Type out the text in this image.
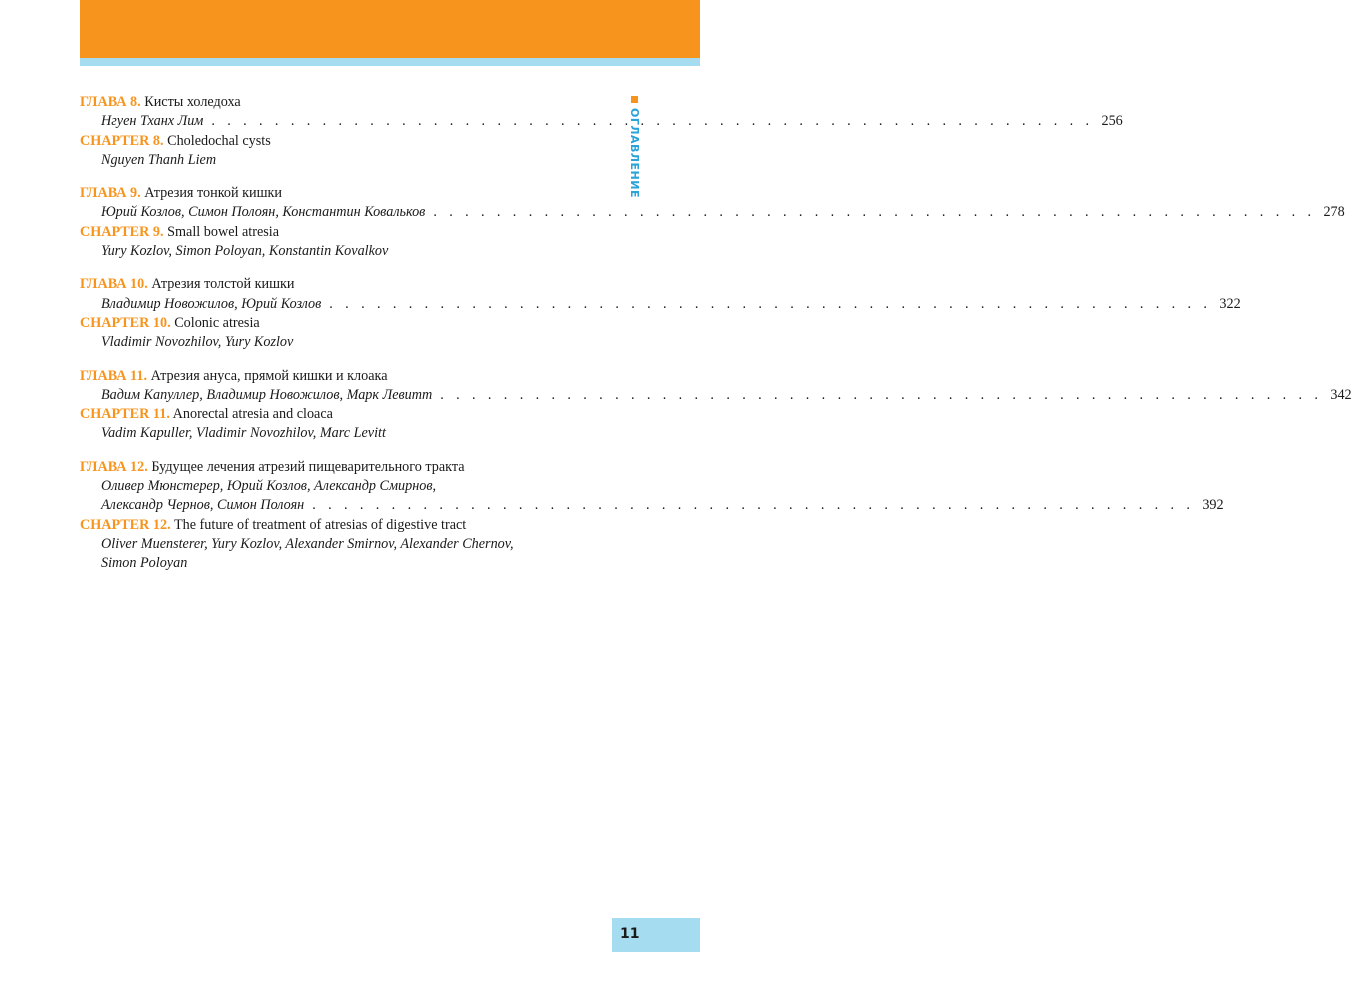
ОГЛАВЛЕНИЕ
ГЛАВА 8. Кисты холедоха
Нгуен Тханх Лим . . . . . . . . . . . . . . . . . . . . . . . . . . . . . . . . . . . . . . . . . . . . . . . . . . . . . . . . 256
CHAPTER 8. Choledochal cysts
Nguyen Thanh Liem
ГЛАВА 9. Атрезия тонкой кишки
Юрий Козлов, Симон Полоян, Константин Ковальков . . . . . . . . . . . . . . . . . . . . . . . . . . . . . . . . . . . . . . . . . . . . . . . . . . . . . . . . 278
CHAPTER 9. Small bowel atresia
Yury Kozlov, Simon Poloyan, Konstantin Kovalkov
ГЛАВА 10. Атрезия толстой кишки
Владимир Новожилов, Юрий Козлов . . . . . . . . . . . . . . . . . . . . . . . . . . . . . . . . . . . . . . . . . . . . . . . . . . . . . . . . 322
CHAPTER 10. Colonic atresia
Vladimir Novozhilov, Yury Kozlov
ГЛАВА 11. Атрезия ануса, прямой кишки и клоака
Вадим Капуллер, Владимир Новожилов, Марк Левитт . . . . . . . . . . . . . . . . . . . . . . . . . . . . . . . . . . . . . . . . . . . . . . . . . . . . . . . . 342
CHAPTER 11. Anorectal atresia and cloaca
Vadim Kapuller, Vladimir Novozhilov, Marc Levitt
ГЛАВА 12. Будущее лечения атрезий пищеварительного тракта
Оливер Мюнстерер, Юрий Козлов, Александр Смирнов,
Александр Чернов, Симон Полоян . . . . . . . . . . . . . . . . . . . . . . . . . . . . . . . . . . . . . . . . . . . . . . . . . . . . . . . . 392
CHAPTER 12. The future of treatment of atresias of digestive tract
Oliver Muensterer, Yury Kozlov, Alexander Smirnov, Alexander Chernov,
Simon Poloyan
11
